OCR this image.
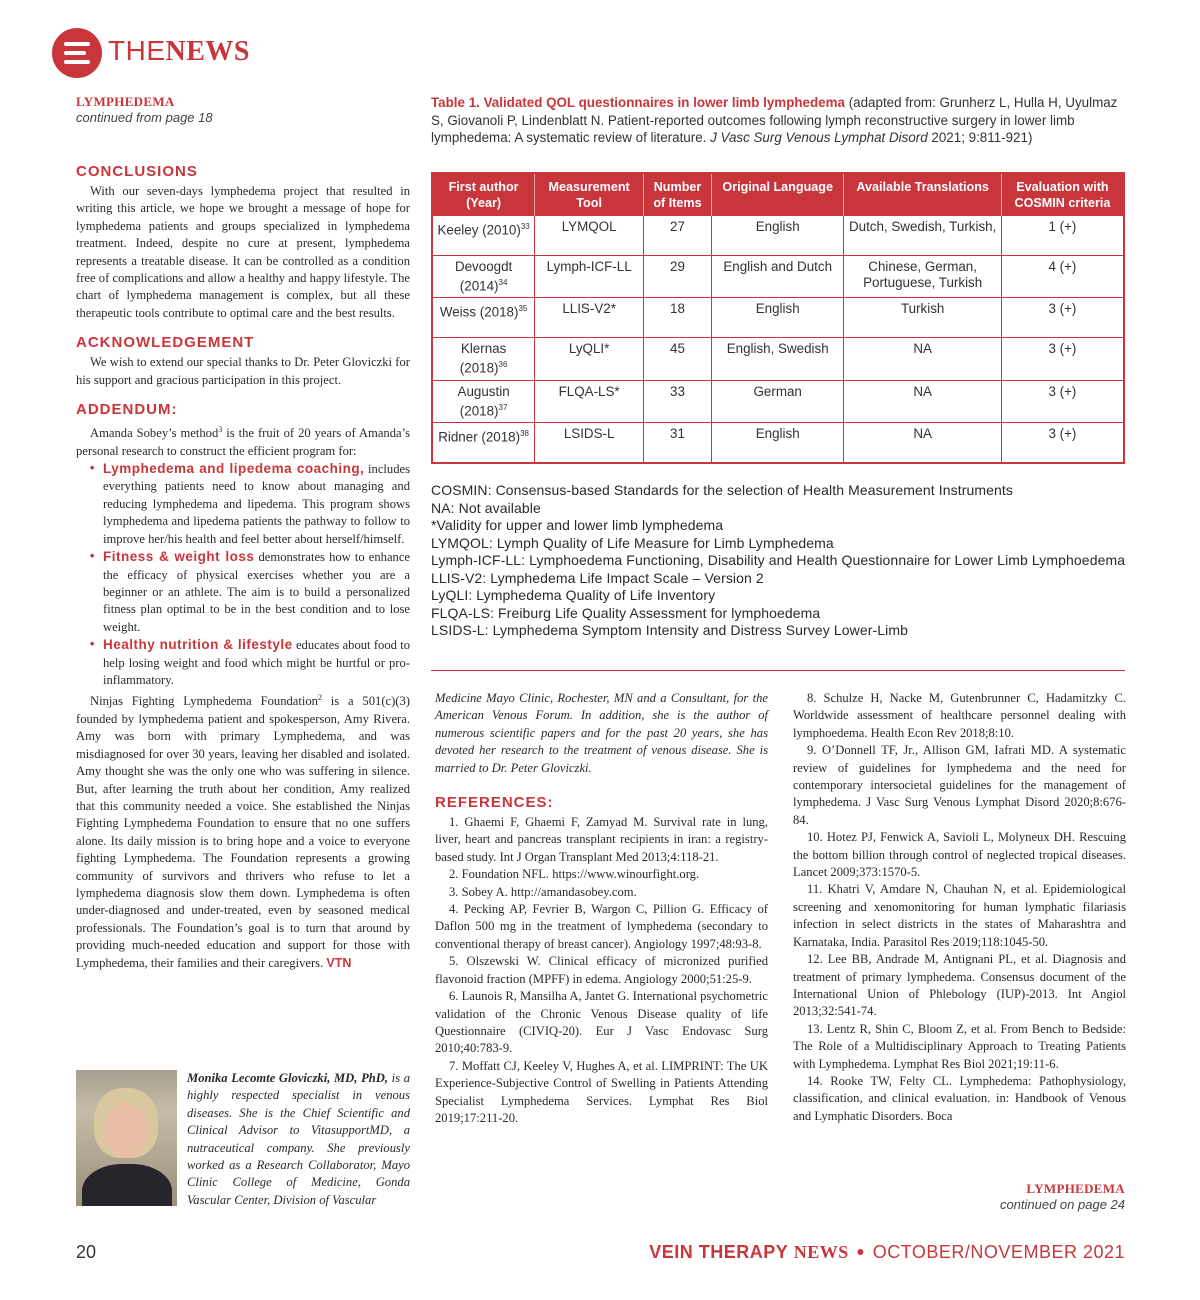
THENEWS
LYMPHEDEMA
continued from page 18
CONCLUSIONS

With our seven-days lymphedema project that resulted in writing this article, we hope we brought a message of hope for lymphedema patients and groups specialized in lymphedema treatment. Indeed, despite no cure at present, lymphedema represents a treatable disease. It can be controlled as a condition free of complications and allow a healthy and happy lifestyle. The chart of lymphedema management is complex, but all these therapeutic tools contribute to optimal care and the best results.

ACKNOWLEDGEMENT

We wish to extend our special thanks to Dr. Peter Gloviczki for his support and gracious participation in this project.

ADDENDUM:

Amanda Sobey’s method$^3$ is the fruit of 20 years of Amanda’s personal research to construct the efficient program for:

• Lymphedema and lipedema coaching, includes everything patients need to know about managing and reducing lymphedema and lipedema. This program shows lymphedema and lipedema patients the pathway to follow to improve her/his health and feel better about herself/himself.
• Fitness & weight loss demonstrates how to enhance the efficacy of physical exercises whether you are a beginner or an athlete. The aim is to build a personalized fitness plan optimal to be in the best condition and to lose weight.
• Healthy nutrition & lifestyle educates about food to help losing weight and food which might be hurtful or pro-inflammatory.

Ninjas Fighting Lymphedema Foundation$^2$ is a 501(c)(3) founded by lymphedema patient and spokesperson, Amy Rivera. Amy was born with primary Lymphedema, and was misdiagnosed for over 30 years, leaving her disabled and isolated. Amy thought she was the only one who was suffering in silence. But, after learning the truth about her condition, Amy realized that this community needed a voice. She established the Ninjas Fighting Lymphedema Foundation to ensure that no one suffers alone. Its daily mission is to bring hope and a voice to everyone fighting Lymphedema. The Foundation represents a growing community of survivors and thrivers who refuse to let a lymphedema diagnosis slow them down. Lymphedema is often under-diagnosed and under-treated, even by seasoned medical professionals. The Foundation’s goal is to turn that around by providing much-needed education and support for those with Lymphedema, their families and their caregivers. VTN

Monika Lecomte Gloviczki, MD, PhD, is a highly respected specialist in venous diseases. She is the Chief Scientific and Clinical Advisor to VitasupportMD, a nutraceutical company. She previously worked as a Research Collaborator, Mayo Clinic College of Medicine, Gonda Vascular Center, Division of Vascular

Table 1. Validated QOL questionnaires in lower limb lymphedema (adapted from: Grunherz L, Hulla H, Uyulmaz S, Giovanoli P, Lindenblatt N. Patient-reported outcomes following lymph reconstructive surgery in lower limb lymphedema: A systematic review of literature. J Vasc Surg Venous Lymphat Disord 2021; 9:811-921)

First author (Year)	Measurement Tool	Number of Items	Original Language	Available Translations	Evaluation with COSMIN criteria
Keeley $(2010)^{33}$	LYMQOL	27	English	Dutch, Swedish, Turkish,	1 (+)
Devoogdt $(2014)^{34}$	Lymph-ICF-LL	29	English and Dutch	Chinese, German, Portuguese, Turkish	4 (+)
Weiss $(2018)^{35}$	LLIS-V2*	18	English	Turkish	3 (+)
Klernas $(2018)^{36}$	LyQLI*	45	English, Swedish	NA	3 (+)
Augustin $(2018)^{37}$	FLQA-LS*	33	German	NA	3 (+)
Ridner $(2018)^{38}$	LSIDS-L	31	English	NA	3 (+)
COSMIN: Consensus-based Standards for the selection of Health Measurement Instruments
NA: Not available
*Validity for upper and lower limb lymphedema
LYMQOL: Lymph Quality of Life Measure for Limb Lymphedema
Lymph-ICF-LL: Lymphoedema Functioning, Disability and Health Questionnaire for Lower Limb Lymphoedema
LLIS-V2: Lymphedema Life Impact Scale – Version 2
LyQLI: Lymphedema Quality of Life Inventory
FLQA-LS: Freiburg Life Quality Assessment for lymphoedema
LSIDS-L: Lymphedema Symptom Intensity and Distress Survey Lower-Limb

Medicine Mayo Clinic, Rochester, MN and a Consultant, for the American Venous Forum. In addition, she is the author of numerous scientific papers and for the past 20 years, she has devoted her research to the treatment of venous disease. She is married to Dr. Peter Gloviczki.

REFERENCES:

1. Ghaemi F, Ghaemi F, Zamyad M. Survival rate in lung, liver, heart and pancreas transplant recipients in iran: a registry-based study. Int J Organ Transplant Med 2013;4:118-21.

2. Foundation NFL. https://www.winourfight.org.

3. Sobey A. http://amandasobey.com.

4. Pecking AP, Fevrier B, Wargon C, Pillion G. Efficacy of Daflon 500 mg in the treatment of lymphedema (secondary to conventional therapy of breast cancer). Angiology 1997;48:93-8.

5. Olszewski W. Clinical efficacy of micronized purified flavonoid fraction (MPFF) in edema. Angiology 2000;51:25-9.

6. Launois R, Mansilha A, Jantet G. International psychometric validation of the Chronic Venous Disease quality of life Questionnaire (CIVIQ-20). Eur J Vasc Endovasc Surg 2010;40:783-9.

7. Moffatt CJ, Keeley V, Hughes A, et al. LIMPRINT: The UK Experience-Subjective Control of Swelling in Patients Attending Specialist Lymphedema Services. Lymphat Res Biol 2019;17:211-20.

8. Schulze H, Nacke M, Gutenbrunner C, Hadamitzky C. Worldwide assessment of healthcare personnel dealing with lymphoedema. Health Econ Rev 2018;8:10.

9. O’Donnell TF, Jr., Allison GM, Iafrati MD. A systematic review of guidelines for lymphedema and the need for contemporary intersocietal guidelines for the management of lymphedema. J Vasc Surg Venous Lymphat Disord 2020;8:676-84.

10. Hotez PJ, Fenwick A, Savioli L, Molyneux DH. Rescuing the bottom billion through control of neglected tropical diseases. Lancet 2009;373:1570-5.

11. Khatri V, Amdare N, Chauhan N, et al. Epidemiological screening and xenomonitoring for human lymphatic filariasis infection in select districts in the states of Maharashtra and Karnataka, India. Parasitol Res 2019;118:1045-50.

12. Lee BB, Andrade M, Antignani PL, et al. Diagnosis and treatment of primary lymphedema. Consensus document of the International Union of Phlebology (IUP)-2013. Int Angiol 2013;32:541-74.

13. Lentz R, Shin C, Bloom Z, et al. From Bench to Bedside: The Role of a Multidisciplinary Approach to Treating Patients with Lymphedema. Lymphat Res Biol 2021;19:11-6.

14. Rooke TW, Felty CL. Lymphedema: Pathophysiology, classification, and clinical evaluation. in: Handbook of Venous and Lymphatic Disorders. Boca

LYMPHEDEMA
continued on page 24
20	VEIN THERAPY NEWS ● OCTOBER/NOVEMBER 2021
